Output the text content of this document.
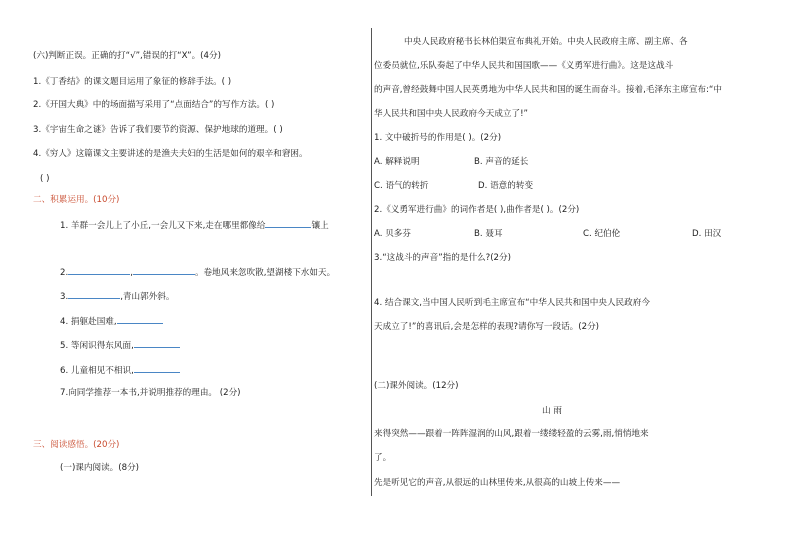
(六)判断正误。正确的打“√”,错误的打“X”。(4分)
1.《丁香结》的课文题目运用了象征的修辞手法。( )
2.《开国大典》中的场面描写采用了“点面结合”的写作方法。( )
3.《宇宙生命之谜》告诉了我们要节约资源、保护地球的道理。( )
4.《穷人》这篇课文主要讲述的是渔夫夫妇的生活是如何的艰辛和窘困。
( )
二、积累运用。(10分)
1. 羊群一会儿上了小丘,一会儿又下来,走在哪里都像给	镶上
2.	,	。卷地风来忽吹散,望湖楼下水如天。
3.	,青山郭外斜。
4. 捐躯赴国难,
5. 等闲识得东风面,
6. 儿童相见不相识,
7.向同学推荐一本书,并说明推荐的理由。 (2分)
三、阅读感悟。(20分)
(一)课内阅读。(8分)
中央人民政府秘书长林伯渠宣布典礼开始。中央人民政府主席、副主席、各
位委员就位,乐队奏起了中华人民共和国国歌——《义勇军进行曲》。这是这战斗
的声音,曾经鼓舞中国人民英勇地为中华人民共和国的诞生而奋斗。接着,毛泽东主席宣布:“中
华人民共和国中央人民政府今天成立了!”
1. 文中破折号的作用是( )。(2分)
A. 解释说明	B. 声音的延长
C. 语气的转折	D. 语意的转变
2.《义勇军进行曲》的词作者是( ),曲作者是( )。(2分)
A. 贝多芬	B. 聂耳	C. 纪伯伦	D. 田汉
3.“这战斗的声音”指的是什么?(2分)
4. 结合课文,当中国人民听到毛主席宣布“中华人民共和国中央人民政府今
天成立了!”的喜讯后,会是怎样的表现?请你写一段话。(2分)
(二)课外阅读。(12分)
山 雨
来得突然——跟着一阵阵湿润的山风,跟着一缕缕轻盈的云雾,雨,悄悄地来
了。
先是听见它的声音,从很远的山林里传来,从很高的山坡上传来——
